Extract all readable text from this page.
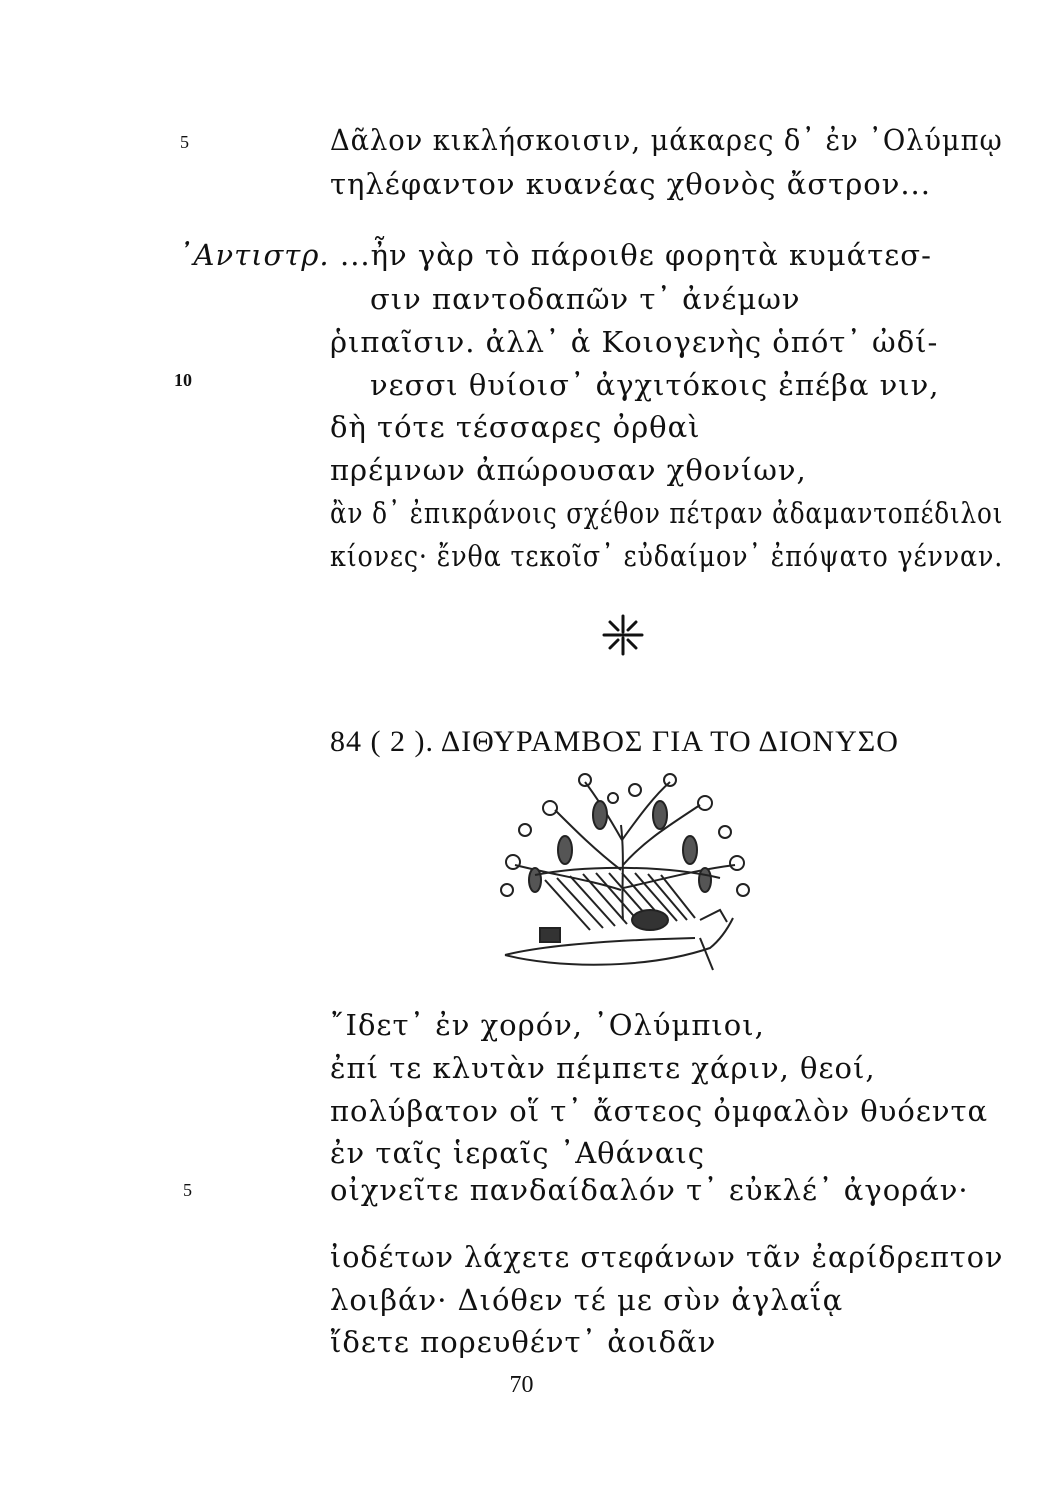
5	Δᾶλον κικλήσκοισιν, μάκαρες δ᾿ ἐν ᾿Ολύμπῳ
τηλέφαντον κυανέας χθονὸς ἄστρον...
᾿Αντιστρ. ...ἦν γὰρ τὸ πάροιθε φορητὰ κυμάτεσ-
σιν παντοδαπῶν τ᾿ ἀνέμων
ῥιπαῖσιν. ἀλλ᾿ ἁ Κοιογενὴς ὁπότ᾿ ὠδί-
10	νεσσι θυίοισ᾿ ἀγχιτόκοις ἐπέβα νιν,
δὴ τότε τέσσαρες ὀρθαὶ
πρέμνων ἀπώρουσαν χθονίων,
ἂν δ᾿ ἐπικράνοις σχέθον πέτραν ἀδαμαντοπέδιλοι
κίονες· ἔνθα τεκοῖσ᾿ εὐδαίμον᾿ ἐπόψατο γένναν.
84 ( 2 ). ΔΙΘΥΡΑΜΒΟΣ ΓΙΑ ΤΟ ΔΙΟΝΥΣΟ
῎Ιδετ᾿ ἐν χορόν, ᾿Ολύμπιοι,
ἐπί τε κλυτὰν πέμπετε χάριν, θεοί,
πολύβατον οἵ τ᾿ ἄστεος ὀμφαλὸν θυόεντα
ἐν ταῖς ἱεραῖς ᾿Αθάναις
5	οἰχνεῖτε πανδαίδαλόν τ᾿ εὐκλέ᾿ ἀγοράν·
ἰοδέτων λάχετε στεφάνων τᾶν ἐαρίδρεπτον
λοιβάν· Διόθεν τέ με σὺν ἀγλαΐᾳ
ἴδετε πορευθέντ᾿ ἀοιδᾶν
70
